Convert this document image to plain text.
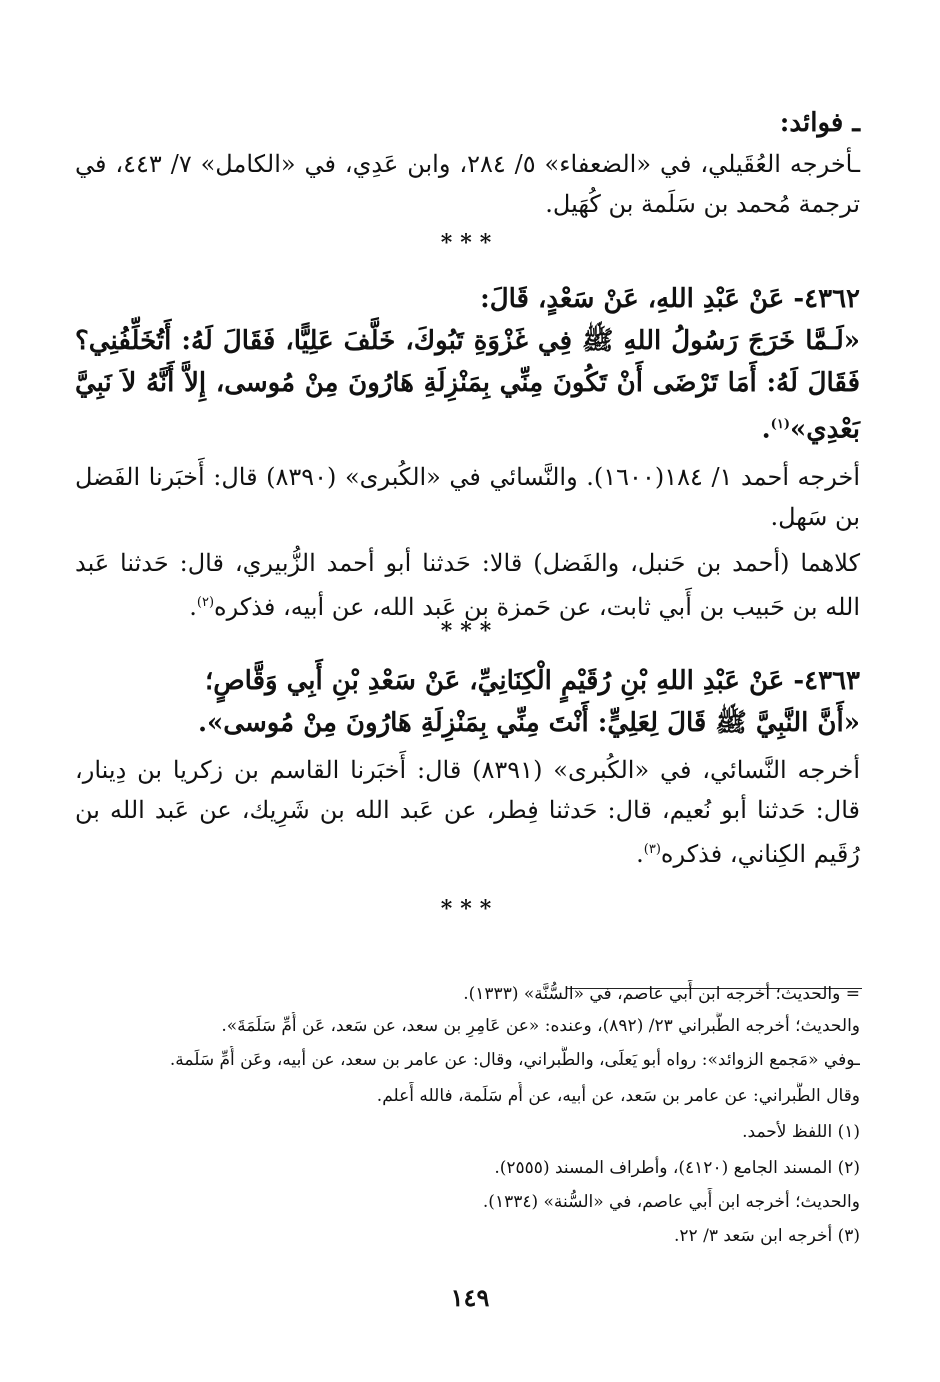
ـ فوائد:

ـأخرجه العُقَيلي، في «الضعفاء» ٥/ ٢٨٤، وابن عَدِي، في «الكامل» ٧/ ٤٤٣، في ترجمة مُحمد بن سَلَمة بن كُهَيل.

***

٤٣٦٢- عَنْ عَبْدِ اللهِ، عَنْ سَعْدٍ، قَالَ:

«لَـمَّا خَرَجَ رَسُولُ اللهِ ﷺ فِي غَزْوَةِ تَبُوكَ، خَلَّفَ عَلِيًّا، فَقَالَ لَهُ: أَتُخَلِّفُنِي؟ فَقَالَ لَهُ: أَمَا تَرْضَى أَنْ تَكُونَ مِنِّي بِمَنْزِلَةِ هَارُونَ مِنْ مُوسى، إِلاَّ أَنَّهُ لاَ نَبِيَّ بَعْدِي»$^{(١)}$.

أخرجه أحمد ١/ ١٨٤(١٦٠٠). والنَّسائي في «الكُبرى» (٨٣٩٠) قال: أَخبَرنا الفَضل بن سَهل.

كلاهما (أحمد بن حَنبل، والفَضل) قالا: حَدثنا أبو أحمد الزُّبيري، قال: حَدثنا عَبد الله بن حَبيب بن أَبي ثابت، عن حَمزة بن عَبد الله، عن أبيه، فذكره$^{(٢)}$.

***

٤٣٦٣- عَنْ عَبْدِ اللهِ بْنِ رُقَيْمٍ الْكِنَانِيِّ، عَنْ سَعْدِ بْنِ أَبِي وَقَّاصٍ؛

«أَنَّ النَّبِيَّ ﷺ قَالَ لِعَلِيٍّ: أَنْتَ مِنِّي بِمَنْزِلَةِ هَارُونَ مِنْ مُوسى».

أخرجه النَّسائي، في «الكُبرى» (٨٣٩١) قال: أَخبَرنا القاسم بن زكريا بن دِينار، قال: حَدثنا أبو نُعيم، قال: حَدثنا فِطر، عن عَبد الله بن شَرِيك، عن عَبد الله بن رُقَيم الكِناني، فذكره$^{(٣)}$.

***

= والحديث؛ أخرجه ابن أَبي عاصم، في «السُّنَّة» (١٣٣٣).

والحديث؛ أخرجه الطَّبراني ٢٣/ (٨٩٢)، وعنده: «عن عَامِرِ بن سعد، عن سَعد، عَن أُمِّ سَلَمَةَ».

ـوفي «مَجمع الزوائد»: رواه أبو يَعلَى، والطَّبراني، وقال: عن عامر بن سعد، عن أبيه، وعَن أُمِّ سَلَمة.

وقال الطَّبراني: عن عامر بن سَعد، عن أبيه، عن أُم سَلَمة، فالله أَعلم.

(١) اللفظ لأحمد.

(٢) المسند الجامع (٤١٢٠)، وأطراف المسند (٢٥٥٥).

والحديث؛ أخرجه ابن أَبي عاصم، في «السُّنة» (١٣٣٤).

(٣) أخرجه ابن سَعد ٣/ ٢٢.

١٤٩
